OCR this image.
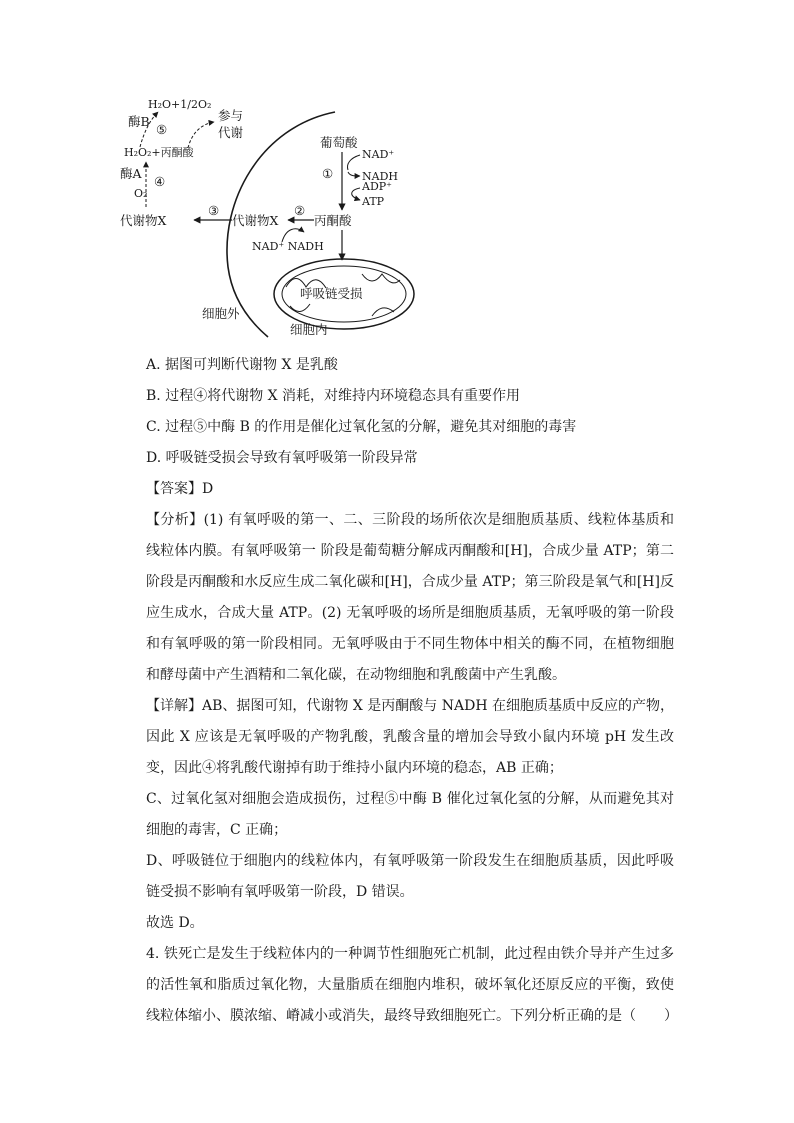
H₂O+1/2O₂
酶B
⑤
参与
代谢
H₂O₂+丙酮酸
酶A
④
O₂
代谢物X
③
代谢物X
②
丙酮酸
NAD⁺ NADH
葡萄酸
NAD⁺
①	NADH
ADP⁺
ATP
呼吸链受损
细胞外
细胞内

A. 据图可判断代谢物 X 是乳酸

B. 过程④将代谢物 X 消耗，对维持内环境稳态具有重要作用

C. 过程⑤中酶 B 的作用是催化过氧化氢的分解，避免其对细胞的毒害

D. 呼吸链受损会导致有氧呼吸第一阶段异常

【答案】D

【分析】(1) 有氧呼吸的第一、二、三阶段的场所依次是细胞质基质、线粒体基质和线粒体内膜。有氧呼吸第一 阶段是葡萄糖分解成丙酮酸和[H]，合成少量 ATP；第二阶段是丙酮酸和水反应生成二氧化碳和[H]，合成少量 ATP；第三阶段是氧气和[H]反应生成水，合成大量 ATP。(2) 无氧呼吸的场所是细胞质基质，无氧呼吸的第一阶段和有氧呼吸的第一阶段相同。无氧呼吸由于不同生物体中相关的酶不同，在植物细胞和酵母菌中产生酒精和二氧化碳，在动物细胞和乳酸菌中产生乳酸。

【详解】AB、据图可知，代谢物 X 是丙酮酸与 NADH 在细胞质基质中反应的产物，因此 X 应该是无氧呼吸的产物乳酸，乳酸含量的增加会导致小鼠内环境 pH 发生改变，因此④将乳酸代谢掉有助于维持小鼠内环境的稳态，AB 正确；

C、过氧化氢对细胞会造成损伤，过程⑤中酶 B 催化过氧化氢的分解，从而避免其对细胞的毒害，C 正确；

D、呼吸链位于细胞内的线粒体内，有氧呼吸第一阶段发生在细胞质基质，因此呼吸链受损不影响有氧呼吸第一阶段，D 错误。

故选 D。

4. 铁死亡是发生于线粒体内的一种调节性细胞死亡机制，此过程由铁介导并产生过多的活性氧和脂质过氧化物，大量脂质在细胞内堆积，破坏氧化还原反应的平衡，致使线粒体缩小、膜浓缩、嵴减小或消失，最终导致细胞死亡。下列分析正确的是（　　）
